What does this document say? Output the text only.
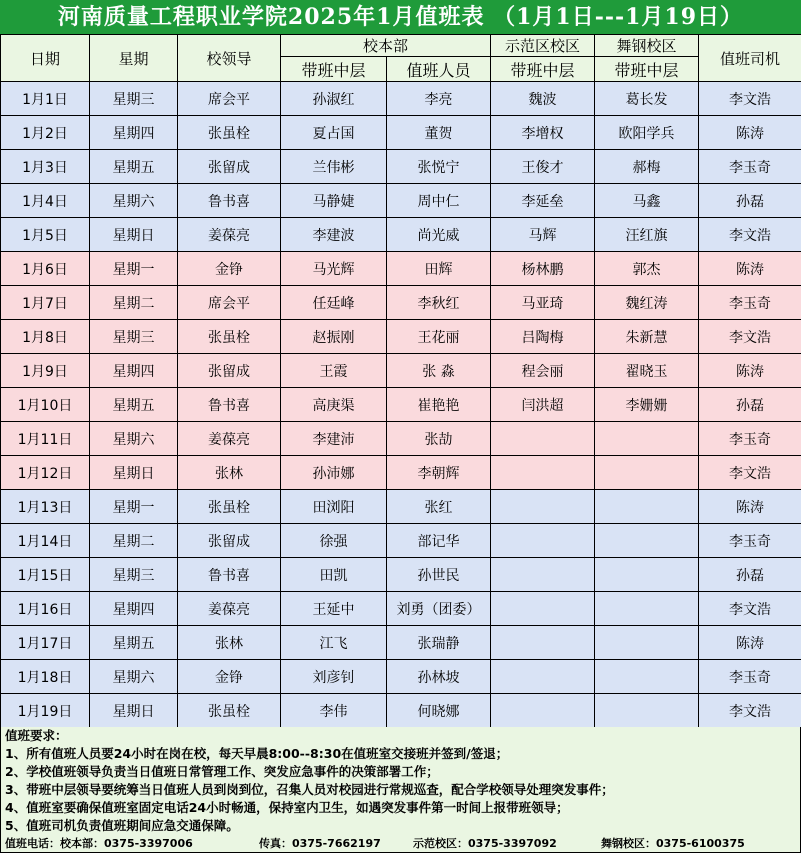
河南质量工程职业学院2025年1月值班表 （1月1日---1月19日）
日期	星期	校领导	校本部		示范区校区	舞钢校区	值班司机
			带班中层	值班人员	带班中层	带班中层	
1月1日	星期三	席会平	孙淑红	李亮	魏波	葛长发	李文浩
1月2日	星期四	张虽栓	夏占国	董贺	李增权	欧阳学兵	陈涛
1月3日	星期五	张留成	兰伟彬	张悦宁	王俊才	郝梅	李玉奇
1月4日	星期六	鲁书喜	马静婕	周中仁	李延垒	马鑫	孙磊
1月5日	星期日	姜葆亮	李建波	尚光威	马辉	汪红旗	李文浩
1月6日	星期一	金铮	马光辉	田辉	杨林鹏	郭杰	陈涛
1月7日	星期二	席会平	任廷峰	李秋红	马亚琦	魏红涛	李玉奇
1月8日	星期三	张虽栓	赵振刚	王花丽	吕陶梅	朱新慧	李文浩
1月9日	星期四	张留成	王霞	张 淼	程会丽	翟晓玉	陈涛
1月10日	星期五	鲁书喜	高庚渠	崔艳艳	闫洪超	李姗姗	孙磊
1月11日	星期六	姜葆亮	李建沛	张劼			李玉奇
1月12日	星期日	张林	孙沛娜	李朝辉			李文浩
1月13日	星期一	张虽栓	田浏阳	张红			陈涛
1月14日	星期二	张留成	徐强	部记华			李玉奇
1月15日	星期三	鲁书喜	田凯	孙世民			孙磊
1月16日	星期四	姜葆亮	王延中	刘勇（团委）			李文浩
1月17日	星期五	张林	江飞	张瑞静			陈涛
1月18日	星期六	金铮	刘彦钊	孙林坡			李玉奇
1月19日	星期日	张虽栓	李伟	何晓娜			李文浩
值班要求：
1、所有值班人员要24小时在岗在校，每天早晨8:00--8:30在值班室交接班并签到/签退；
2、学校值班领导负责当日值班日常管理工作、突发应急事件的决策部署工作；
3、带班中层领导要统筹当日值班人员到岗到位，召集人员对校园进行常规巡查，配合学校领导处理突发事件；
4、值班室要确保值班室固定电话24小时畅通，保持室内卫生，如遇突发事件第一时间上报带班领导；
5、值班司机负责值班期间应急交通保障。
值班电话：校本部：0375-3397006	传真：0375-7662197	示范校区：0375-3397092	舞钢校区：0375-6100375
